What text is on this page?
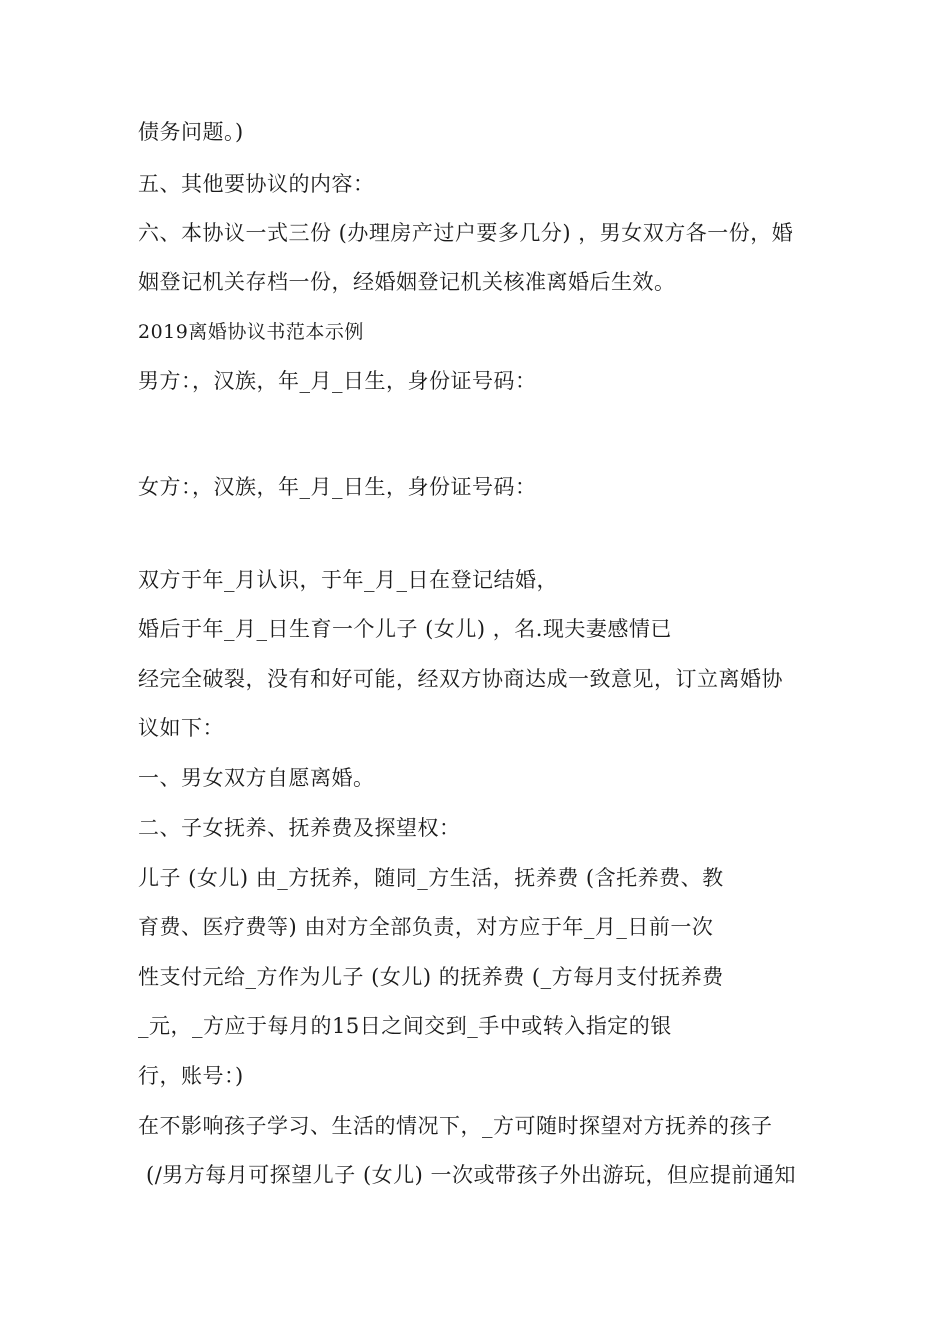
债务问题。)
五、其他要协议的内容：
六、本协议一式三份 (办理房产过户要多几分) ，男女双方各一份，婚
姻登记机关存档一份，经婚姻登记机关核准离婚后生效。
2019离婚协议书范本示例
男方：，汉族，年_月_日生，身份证号码：
女方：，汉族，年_月_日生，身份证号码：
双方于年_月认识，于年_月_日在登记结婚，
婚后于年_月_日生育一个儿子 (女儿) ，名.现夫妻感情已
经完全破裂，没有和好可能，经双方协商达成一致意见，订立离婚协
议如下：
一、男女双方自愿离婚。
二、子女抚养、抚养费及探望权：
儿子 (女儿) 由_方抚养，随同_方生活，抚养费 (含托养费、教
育费、医疗费等) 由对方全部负责，对方应于年_月_日前一次
性支付元给_方作为儿子 (女儿) 的抚养费 (_方每月支付抚养费
_元，_方应于每月的15日之间交到_手中或转入指定的银
行，账号：)
在不影响孩子学习、生活的情况下，_方可随时探望对方抚养的孩子
(/男方每月可探望儿子 (女儿) 一次或带孩子外出游玩，但应提前通知
